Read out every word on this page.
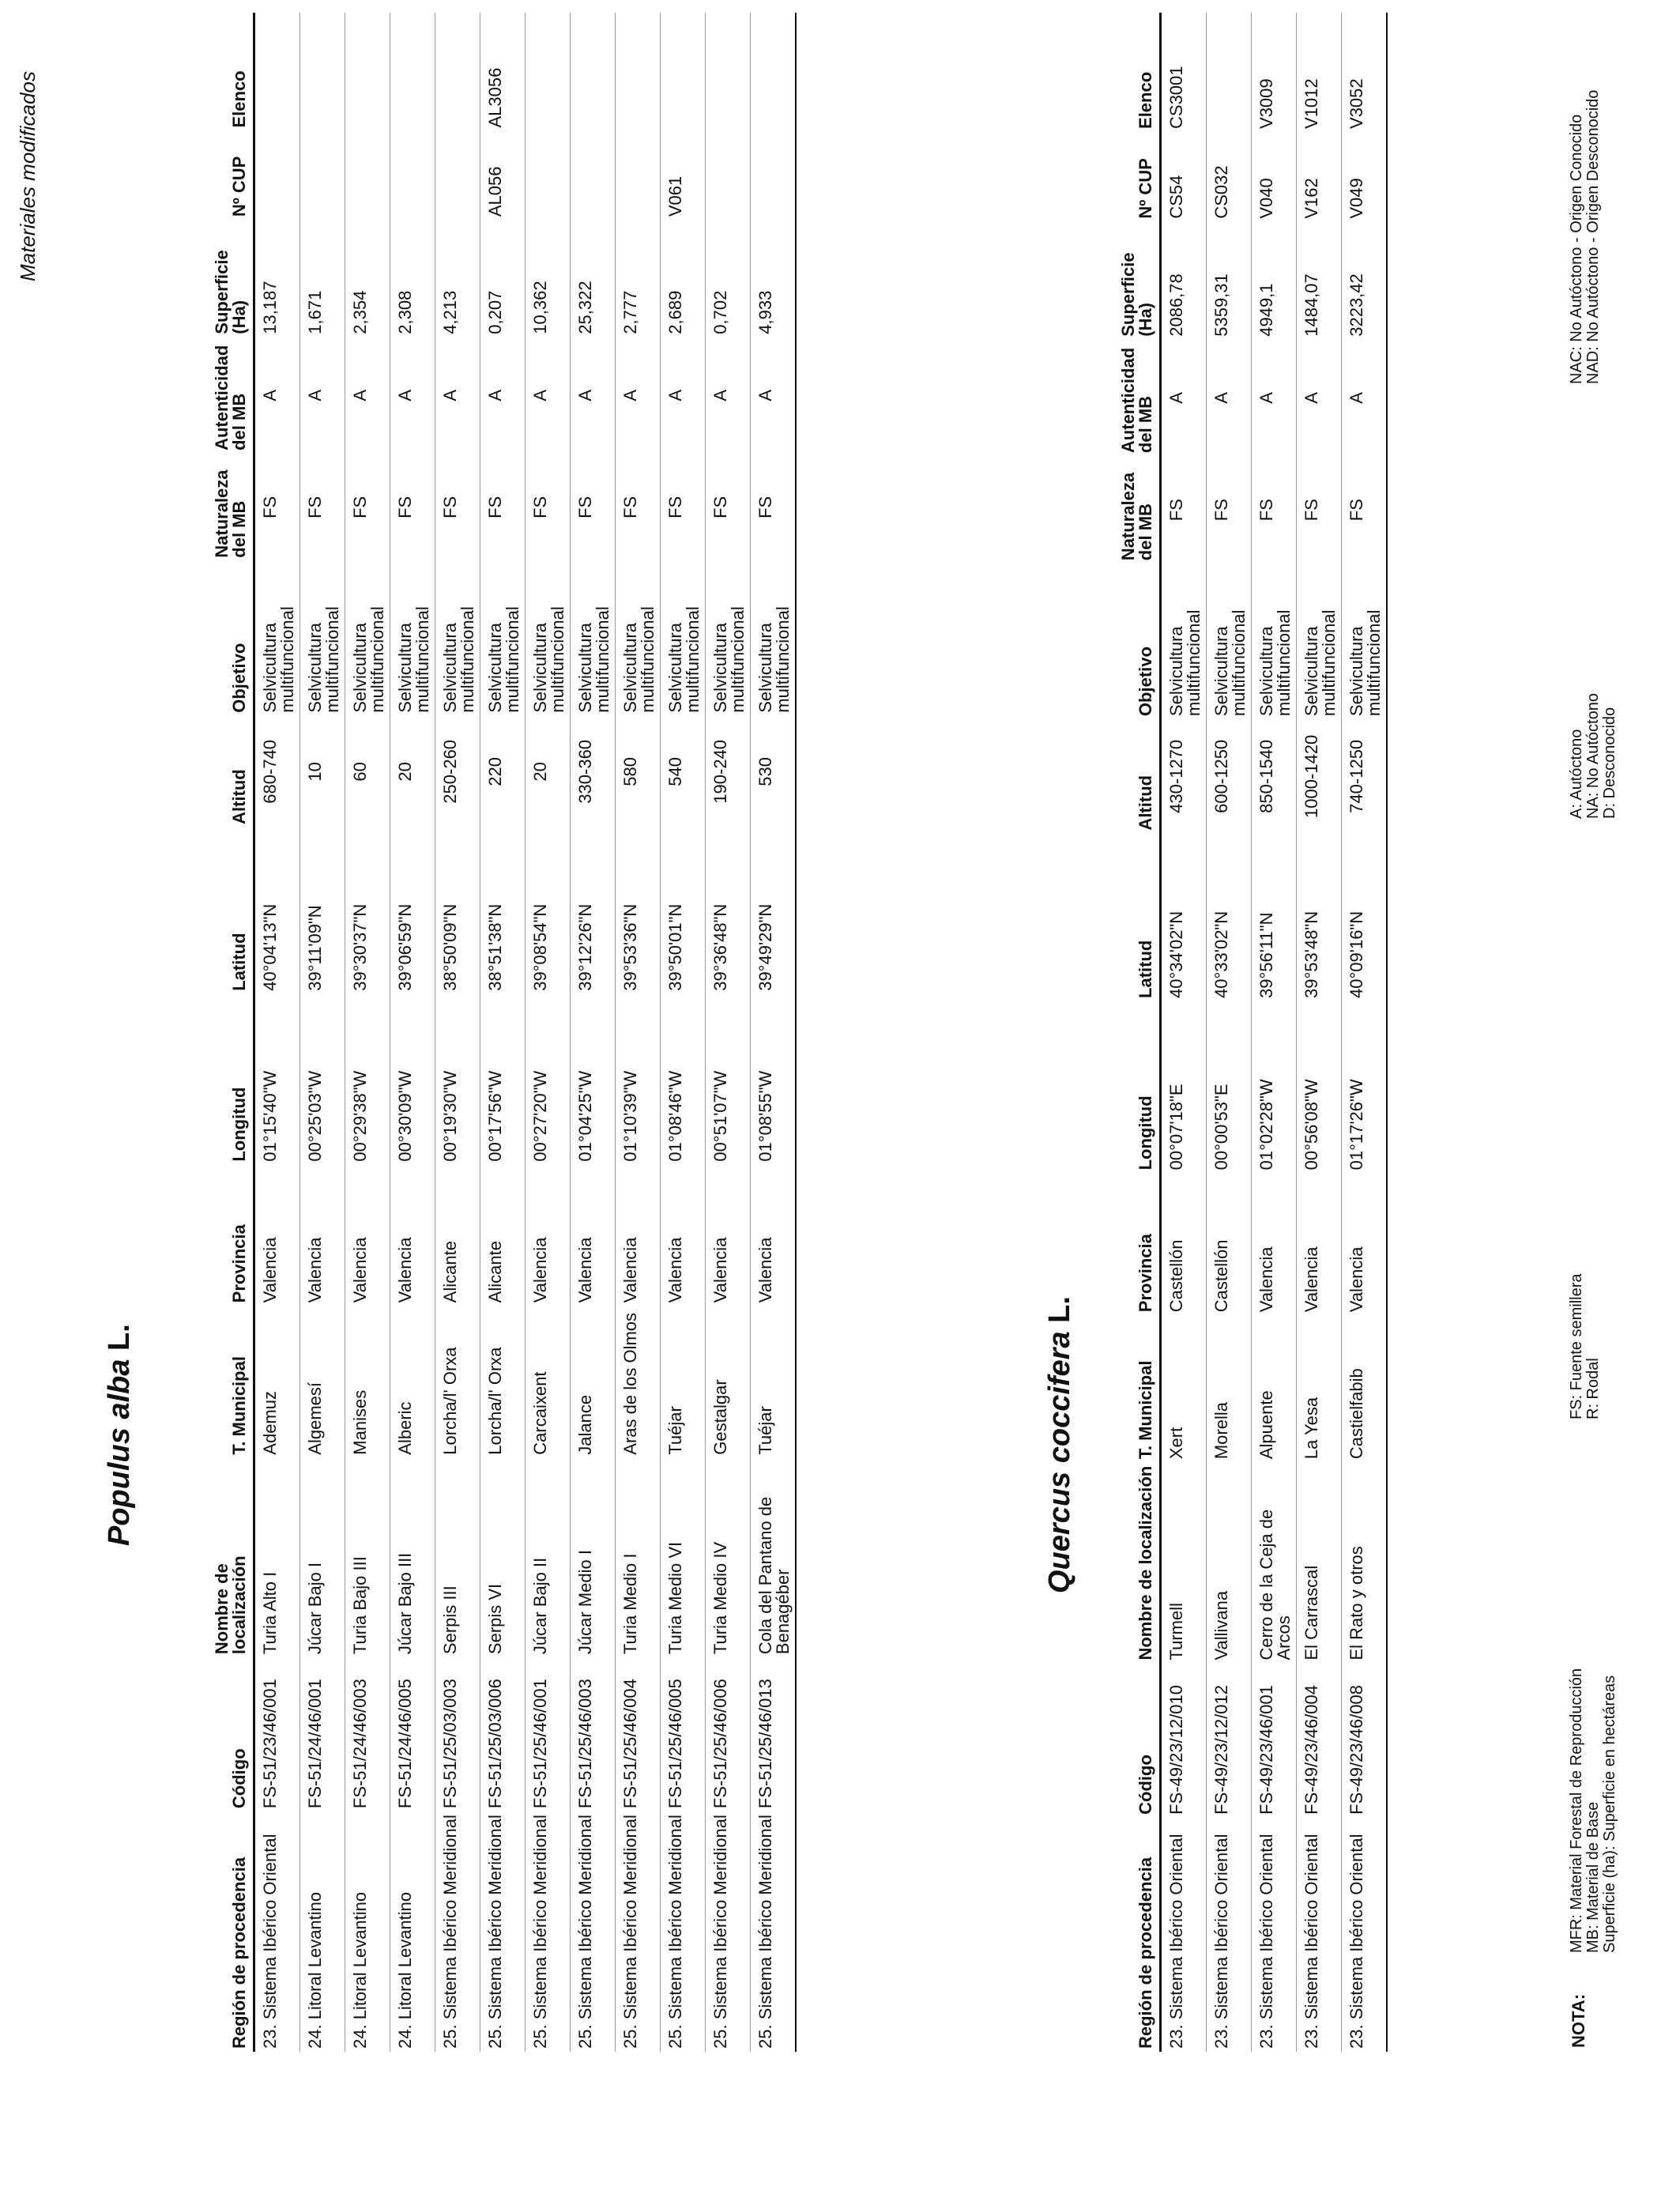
Materiales modificados
Populus alba L.
Región de procedencia	Código	Nombre de localización	T. Municipal	Provincia	Longitud	Latitud	Altitud	Objetivo	Naturaleza del MB	Autenticidad del MB	Superficie (Ha)	Nº CUP	Elenco
23. Sistema Ibérico Oriental	FS-51/23/46/001	Turia Alto I	Ademuz	Valencia	01°15'40"W	40°04'13"N	680-740	Selvicultura multifuncional	FS	A	13,187		
24. Litoral Levantino	FS-51/24/46/001	Júcar Bajo I	Algemesí	Valencia	00°25'03"W	39°11'09"N	10	Selvicultura multifuncional	FS	A	1,671		
24. Litoral Levantino	FS-51/24/46/003	Turia Bajo III	Manises	Valencia	00°29'38"W	39°30'37"N	60	Selvicultura multifuncional	FS	A	2,354		
24. Litoral Levantino	FS-51/24/46/005	Júcar Bajo III	Alberic	Valencia	00°30'09"W	39°06'59"N	20	Selvicultura multifuncional	FS	A	2,308		
25. Sistema Ibérico Meridional	FS-51/25/03/003	Serpis III	Lorcha/l' Orxa	Alicante	00°19'30"W	38°50'09"N	250-260	Selvicultura multifuncional	FS	A	4,213		
25. Sistema Ibérico Meridional	FS-51/25/03/006	Serpis VI	Lorcha/l' Orxa	Alicante	00°17'56"W	38°51'38"N	220	Selvicultura multifuncional	FS	A	0,207	AL056	AL3056
25. Sistema Ibérico Meridional	FS-51/25/46/001	Júcar Bajo II	Carcaixent	Valencia	00°27'20"W	39°08'54"N	20	Selvicultura multifuncional	FS	A	10,362		
25. Sistema Ibérico Meridional	FS-51/25/46/003	Júcar Medio I	Jalance	Valencia	01°04'25"W	39°12'26"N	330-360	Selvicultura multifuncional	FS	A	25,322		
25. Sistema Ibérico Meridional	FS-51/25/46/004	Turia Medio I	Aras de los Olmos	Valencia	01°10'39"W	39°53'36"N	580	Selvicultura multifuncional	FS	A	2,777		
25. Sistema Ibérico Meridional	FS-51/25/46/005	Turia Medio VI	Tuéjar	Valencia	01°08'46"W	39°50'01"N	540	Selvicultura multifuncional	FS	A	2,689	V061	
25. Sistema Ibérico Meridional	FS-51/25/46/006	Turia Medio IV	Gestalgar	Valencia	00°51'07"W	39°36'48"N	190-240	Selvicultura multifuncional	FS	A	0,702		
25. Sistema Ibérico Meridional	FS-51/25/46/013	Cola del Pantano de Benagéber	Tuéjar	Valencia	01°08'55"W	39°49'29"N	530	Selvicultura multifuncional	FS	A	4,933		
Quercus coccifera L.
Región de procedencia	Código	Nombre de localización	T. Municipal	Provincia	Longitud	Latitud	Altitud	Objetivo	Naturaleza del MB	Autenticidad del MB	Superficie (Ha)	Nº CUP	Elenco
23. Sistema Ibérico Oriental	FS-49/23/12/010	Turmell	Xert	Castellón	00°07'18"E	40°34'02"N	430-1270	Selvicultura multifuncional	FS	A	2086,78	CS54	CS3001
23. Sistema Ibérico Oriental	FS-49/23/12/012	Vallivana	Morella	Castellón	00°00'53"E	40°33'02"N	600-1250	Selvicultura multifuncional	FS	A	5359,31	CS032	
23. Sistema Ibérico Oriental	FS-49/23/46/001	Cerro de la Ceja de Arcos	Alpuente	Valencia	01°02'28"W	39°56'11"N	850-1540	Selvicultura multifuncional	FS	A	4949,1	V040	V3009
23. Sistema Ibérico Oriental	FS-49/23/46/004	El Carrascal	La Yesa	Valencia	00°56'08"W	39°53'48"N	1000-1420	Selvicultura multifuncional	FS	A	1484,07	V162	V1012
23. Sistema Ibérico Oriental	FS-49/23/46/008	El Rato y otros	Castielfabib	Valencia	01°17'26"W	40°09'16"N	740-1250	Selvicultura multifuncional	FS	A	3223,42	V049	V3052
NOTA:
MFR: Material Forestal de Reproducción MB: Material de Base Superficie (ha): Superficie en hectáreas
FS: Fuente semillera R: Rodal
A: Autóctono NA: No Autóctono D: Desconocido
NAC: No Autóctono - Origen Conocido NAD: No Autóctono - Origen Desconocido
